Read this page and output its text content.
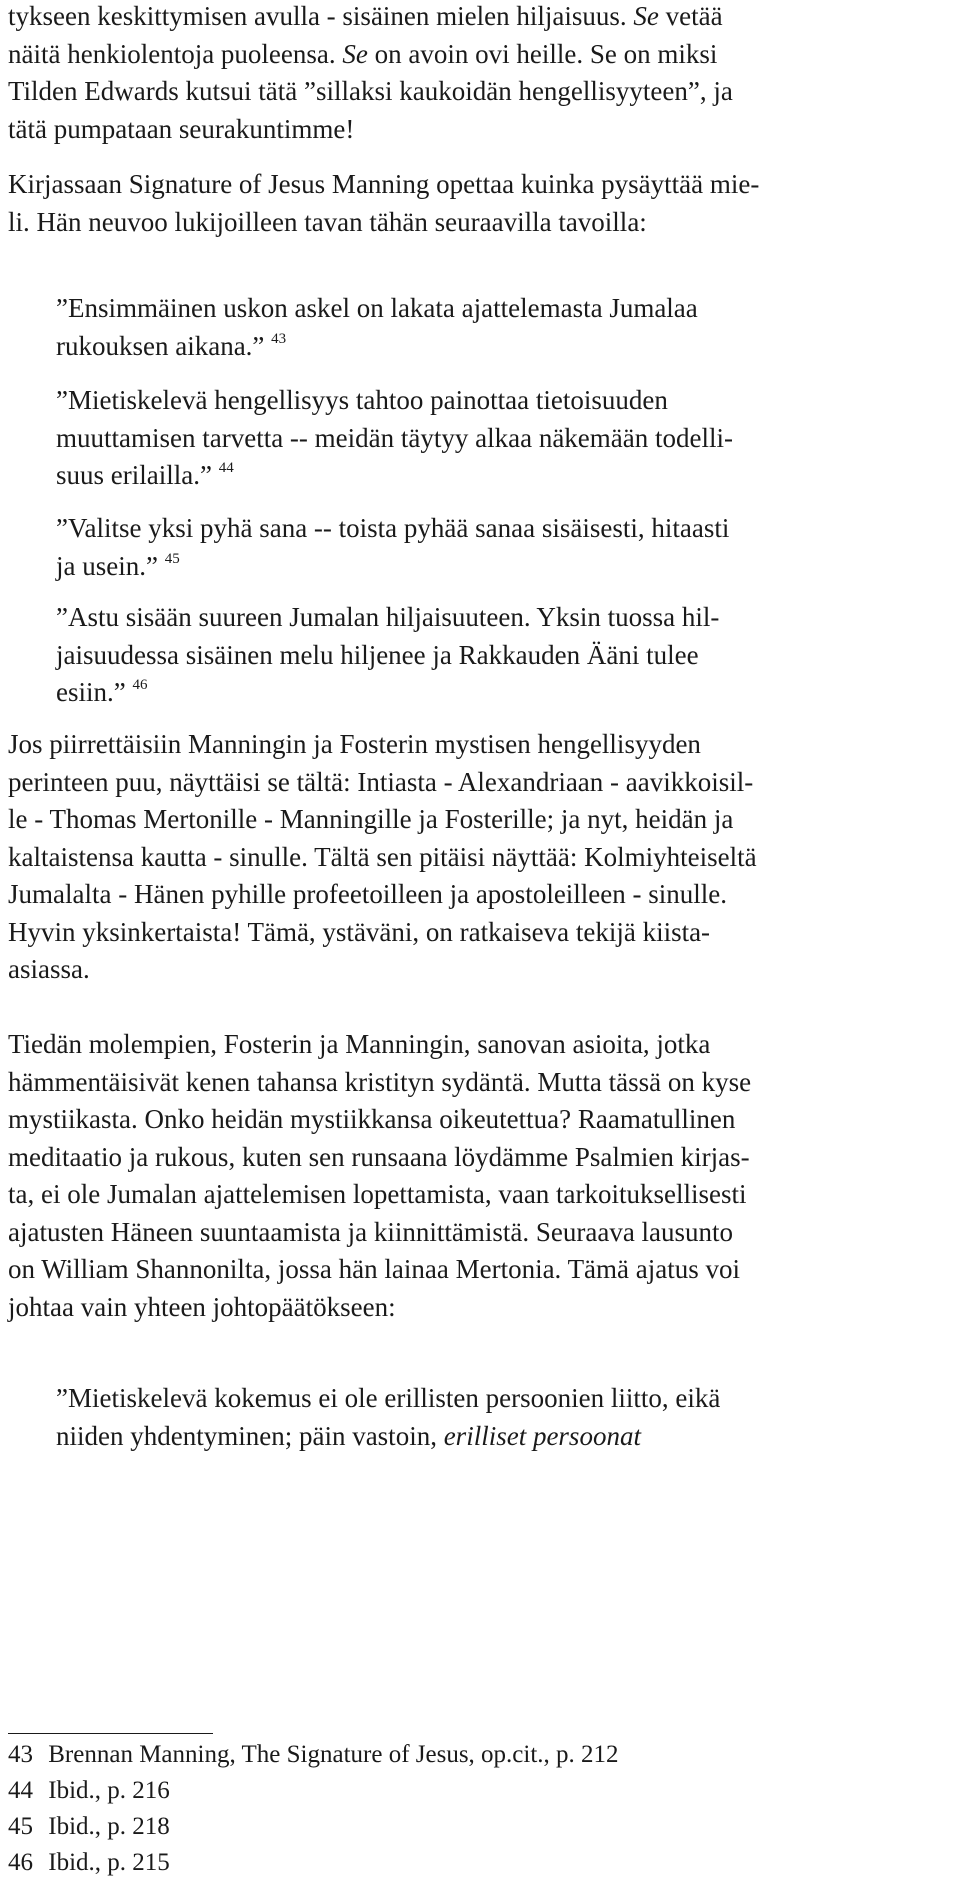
tykseen keskittymisen avulla - sisäinen mielen hiljaisuus. Se vetää
näitä henkiolentoja puoleensa. Se on avoin ovi heille. Se on miksi
Tilden Edwards kutsui tätä ”sillaksi kaukoidän hengellisyyteen”, ja
tätä pumpataan seurakuntimme!

Kirjassaan Signature of Jesus Manning opettaa kuinka pysäyttää mie-
li. Hän neuvoo lukijoilleen tavan tähän seuraavilla tavoilla:

”Ensimmäinen uskon askel on lakata ajattelemasta Jumalaa
rukouksen aikana.” $^{43}$

”Mietiskelevä hengellisyys tahtoo painottaa tietoisuuden
muuttamisen tarvetta -- meidän täytyy alkaa näkemään todelli-
suus erilailla.” $^{44}$

”Valitse yksi pyhä sana -- toista pyhää sanaa sisäisesti, hitaasti
ja usein.” $^{45}$

”Astu sisään suureen Jumalan hiljaisuuteen. Yksin tuossa hil-
jaisuudessa sisäinen melu hiljenee ja Rakkauden Ääni tulee
esiin.” $^{46}$

Jos piirrettäisiin Manningin ja Fosterin mystisen hengellisyyden
perinteen puu, näyttäisi se tältä: Intiasta - Alexandriaan - aavikkoisil-
le - Thomas Mertonille - Manningille ja Fosterille; ja nyt, heidän ja
kaltaistensa kautta - sinulle. Tältä sen pitäisi näyttää: Kolmiyhteiseltä
Jumalalta - Hänen pyhille profeetoilleen ja apostoleilleen - sinulle.
Hyvin yksinkertaista! Tämä, ystäväni, on ratkaiseva tekijä kiista-
asiassa.

Tiedän molempien, Fosterin ja Manningin, sanovan asioita, jotka
hämmentäisivät kenen tahansa kristityn sydäntä. Mutta tässä on kyse
mystiikasta. Onko heidän mystiikkansa oikeutettua? Raamatullinen
meditaatio ja rukous, kuten sen runsaana löydämme Psalmien kirjas-
ta, ei ole Jumalan ajattelemisen lopettamista, vaan tarkoituksellisesti
ajatusten Häneen suuntaamista ja kiinnittämistä. Seuraava lausunto
on William Shannonilta, jossa hän lainaa Mertonia. Tämä ajatus voi
johtaa vain yhteen johtopäätökseen:

”Mietiskelevä kokemus ei ole erillisten persoonien liitto, eikä
niiden yhdentyminen; päin vastoin, erilliset persoonat

43 Brennan Manning, The Signature of Jesus, op.cit., p. 212
44 Ibid., p. 216
45 Ibid., p. 218
46 Ibid., p. 215
